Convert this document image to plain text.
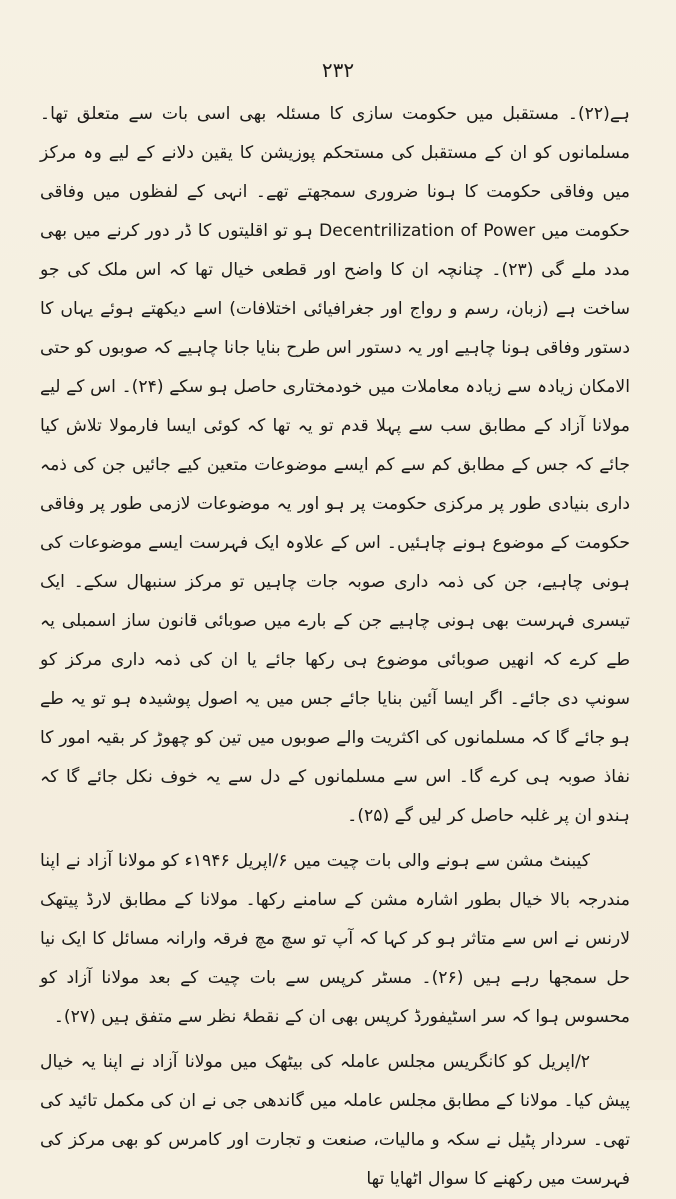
۲۳۲

ہے(۲۲)۔ مستقبل میں حکومت سازی کا مسئلہ بھی اسی بات سے متعلق تھا۔ مسلمانوں کو ان کے مستقبل کی مستحکم پوزیشن کا یقین دلانے کے لیے وہ مرکز میں وفاقی حکومت کا ہونا ضروری سمجھتے تھے۔ انہی کے لفظوں میں وفاقی حکومت میں Decentrilization of Power ہو تو اقلیتوں کا ڈر دور کرنے میں بھی مدد ملے گی (۲۳)۔ چنانچہ ان کا واضح اور قطعی خیال تھا کہ اس ملک کی جو ساخت ہے (زبان، رسم و رواج اور جغرافیائی اختلافات) اسے دیکھتے ہوئے یہاں کا دستور وفاقی ہونا چاہیے اور یہ دستور اس طرح بنایا جانا چاہیے کہ صوبوں کو حتی الامکان زیادہ سے زیادہ معاملات میں خودمختاری حاصل ہو سکے (۲۴)۔ اس کے لیے مولانا آزاد کے مطابق سب سے پہلا قدم تو یہ تھا کہ کوئی ایسا فارمولا تلاش کیا جائے کہ جس کے مطابق کم سے کم ایسے موضوعات متعین کیے جائیں جن کی ذمہ داری بنیادی طور پر مرکزی حکومت پر ہو اور یہ موضوعات لازمی طور پر وفاقی حکومت کے موضوع ہونے چاہئیں۔ اس کے علاوہ ایک فہرست ایسے موضوعات کی ہونی چاہیے، جن کی ذمہ داری صوبہ جات چاہیں تو مرکز سنبھال سکے۔ ایک تیسری فہرست بھی ہونی چاہیے جن کے بارے میں صوبائی قانون ساز اسمبلی یہ طے کرے کہ انھیں صوبائی موضوع ہی رکھا جائے یا ان کی ذمہ داری مرکز کو سونپ دی جائے۔ اگر ایسا آئین بنایا جائے جس میں یہ اصول پوشیدہ ہو تو یہ طے ہو جائے گا کہ مسلمانوں کی اکثریت والے صوبوں میں تین کو چھوڑ کر بقیہ امور کا نفاذ صوبہ ہی کرے گا۔ اس سے مسلمانوں کے دل سے یہ خوف نکل جائے گا کہ ہندو ان پر غلبہ حاصل کر لیں گے (۲۵)۔

کیبنٹ مشن سے ہونے والی بات چیت میں ۶/اپریل ۱۹۴۶ء کو مولانا آزاد نے اپنا مندرجہ بالا خیال بطور اشارہ مشن کے سامنے رکھا۔ مولانا کے مطابق لارڈ پیتھک لارنس نے اس سے متاثر ہو کر کہا کہ آپ تو سچ مچ فرقہ وارانہ مسائل کا ایک نیا حل سمجھا رہے ہیں (۲۶)۔ مسٹر کرپس سے بات چیت کے بعد مولانا آزاد کو محسوس ہوا کہ سر اسٹیفورڈ کرپس بھی ان کے نقطۂ نظر سے متفق ہیں (۲۷)۔

۲/اپریل کو کانگریس مجلس عاملہ کی بیٹھک میں مولانا آزاد نے اپنا یہ خیال پیش کیا۔ مولانا کے مطابق مجلس عاملہ میں گاندھی جی نے ان کی مکمل تائید کی تھی۔ سردار پٹیل نے سکہ و مالیات، صنعت و تجارت اور کامرس کو بھی مرکز کی فہرست میں رکھنے کا سوال اٹھایا تھا
